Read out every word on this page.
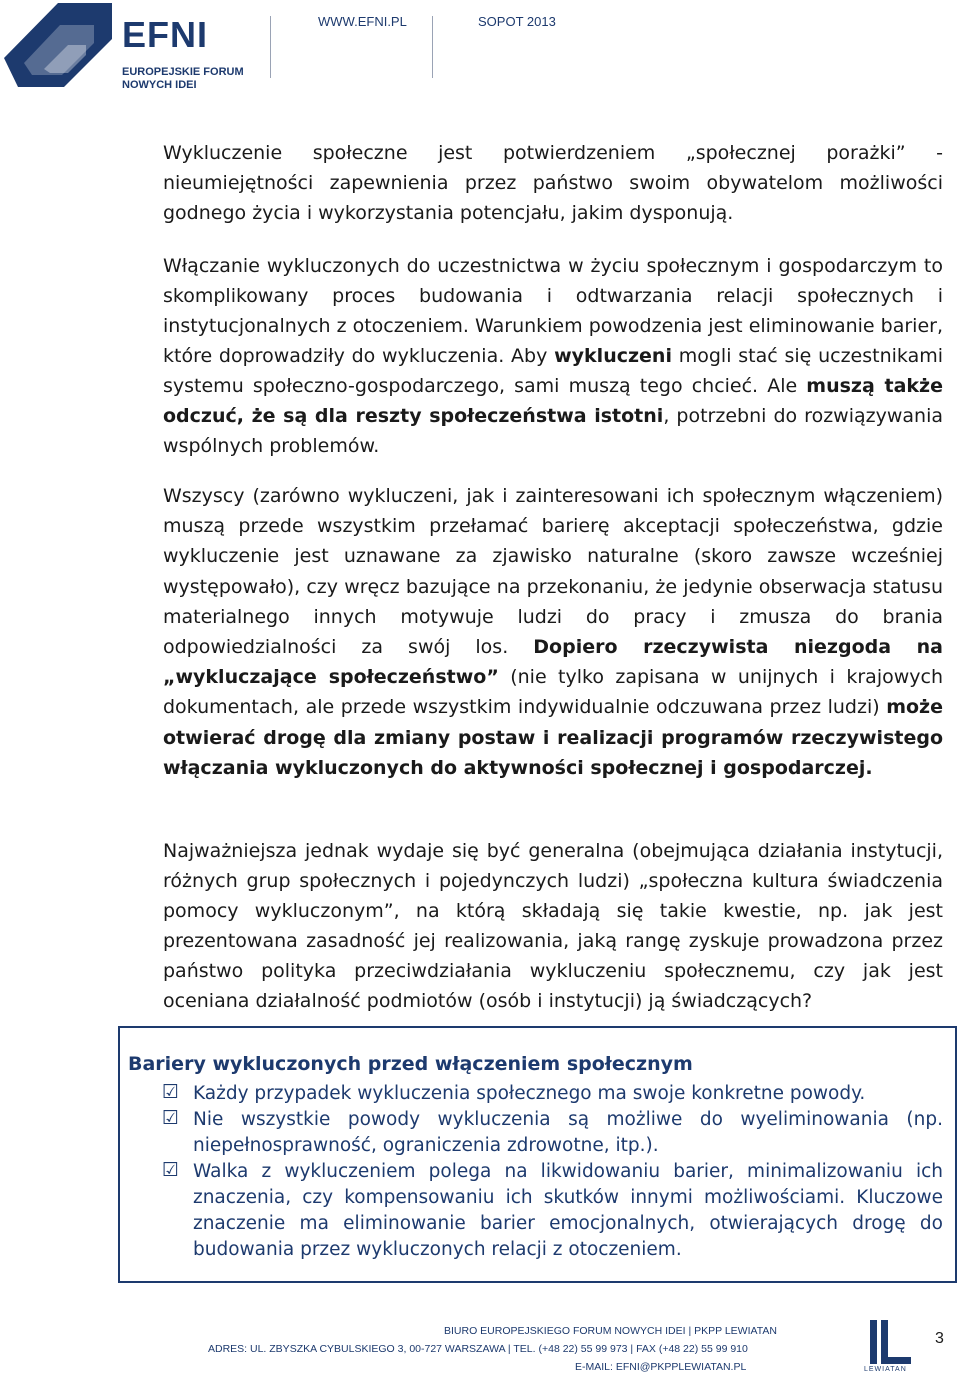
EFNI
EUROPEJSKIE FORUM
NOWYCH IDEI
WWW.EFNI.PL	SOPOT 2013

Wykluczenie społeczne jest potwierdzeniem „społecznej porażki” - nieumiejętności zapewnienia przez państwo swoim obywatelom możliwości godnego życia i wykorzystania potencjału, jakim dysponują.

Włączanie wykluczonych do uczestnictwa w życiu społecznym i gospodarczym to skomplikowany proces budowania i odtwarzania relacji społecznych i instytucjonalnych z otoczeniem. Warunkiem powodzenia jest eliminowanie barier, które doprowadziły do wykluczenia. Aby wykluczeni mogli stać się uczestnikami systemu społeczno-gospodarczego, sami muszą tego chcieć. Ale muszą także odczuć, że są dla reszty społeczeństwa istotni, potrzebni do rozwiązywania wspólnych problemów.

Wszyscy (zarówno wykluczeni, jak i zainteresowani ich społecznym włączeniem) muszą przede wszystkim przełamać barierę akceptacji społeczeństwa, gdzie wykluczenie jest uznawane za zjawisko naturalne (skoro zawsze wcześniej występowało), czy wręcz bazujące na przekonaniu, że jedynie obserwacja statusu materialnego innych motywuje ludzi do pracy i zmusza do brania odpowiedzialności za swój los. Dopiero rzeczywista niezgoda na „wykluczające społeczeństwo” (nie tylko zapisana w unijnych i krajowych dokumentach, ale przede wszystkim indywidualnie odczuwana przez ludzi) może otwierać drogę dla zmiany postaw i realizacji programów rzeczywistego włączania wykluczonych do aktywności społecznej i gospodarczej.

Najważniejsza jednak wydaje się być generalna (obejmująca działania instytucji, różnych grup społecznych i pojedynczych ludzi) „społeczna kultura świadczenia pomocy wykluczonym”, na którą składają się takie kwestie, np. jak jest prezentowana zasadność jej realizowania, jaką rangę zyskuje prowadzona przez państwo polityka przeciwdziałania wykluczeniu społecznemu, czy jak jest oceniana działalność podmiotów (osób i instytucji) ją świadczących?

Bariery wykluczonych przed włączeniem społecznym
☑ Każdy przypadek wykluczenia społecznego ma swoje konkretne powody.

☑ Nie wszystkie powody wykluczenia są możliwe do wyeliminowania (np. niepełnosprawność, ograniczenia zdrowotne, itp.).

☑ Walka z wykluczeniem polega na likwidowaniu barier, minimalizowaniu ich znaczenia, czy kompensowaniu ich skutków innymi możliwościami. Kluczowe znaczenie ma eliminowanie barier emocjonalnych, otwierających drogę do budowania przez wykluczonych relacji z otoczeniem.

BIURO EUROPEJSKIEGO FORUM NOWYCH IDEI | PKPP LEWIATAN
ADRES: UL. ZBYSZKA CYBULSKIEGO 3, 00-727 WARSZAWA | TEL. (+48 22) 55 99 973 | FAX (+48 22) 55 99 910
E-MAIL: EFNI@PKPPLEWIATAN.PL	LEWIATAN
3
